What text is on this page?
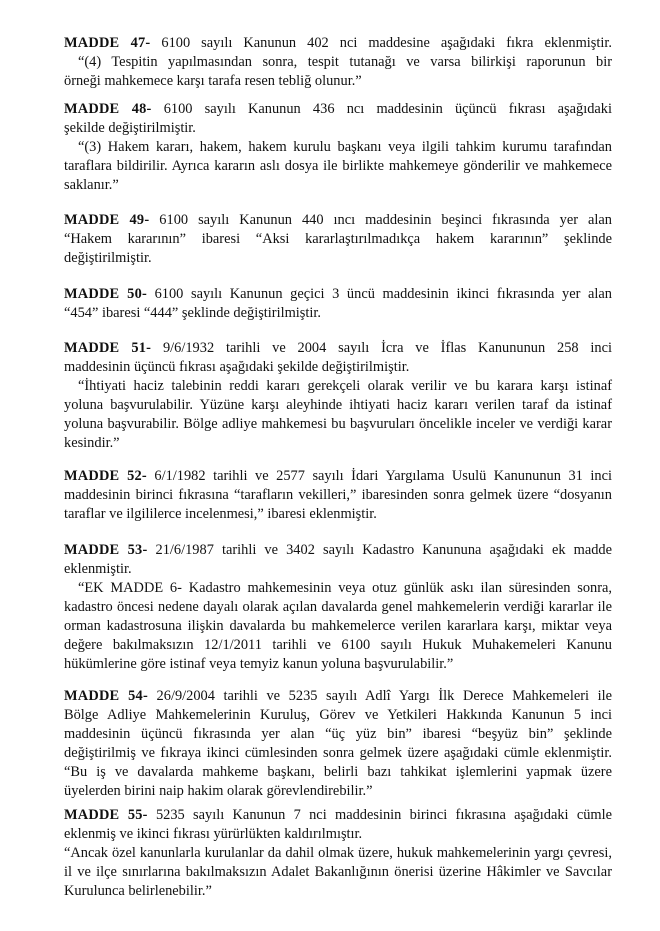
MADDE 47- 6100 sayılı Kanunun 402 nci maddesine aşağıdaki fıkra eklenmiştir.

“(4) Tespitin yapılmasından sonra, tespit tutanağı ve varsa bilirkişi raporunun bir

örneği mahkemece karşı tarafa resen tebliğ olunur.”

MADDE 48- 6100 sayılı Kanunun 436 ncı maddesinin üçüncü fıkrası aşağıdaki

şekilde değiştirilmiştir.

“(3) Hakem kararı, hakem, hakem kurulu başkanı veya ilgili tahkim kurumu tarafından

taraflara bildirilir. Ayrıca kararın aslı dosya ile birlikte mahkemeye gönderilir ve mahkemece

saklanır.”

MADDE 49- 6100 sayılı Kanunun 440 ıncı maddesinin beşinci fıkrasında yer alan

“Hakem kararının” ibaresi “Aksi kararlaştırılmadıkça hakem kararının” şeklinde

değiştirilmiştir.

MADDE 50- 6100 sayılı Kanunun geçici 3 üncü maddesinin ikinci fıkrasında yer alan

“454” ibaresi “444” şeklinde değiştirilmiştir.

MADDE 51- 9/6/1932 tarihli ve 2004 sayılı İcra ve İflas Kanununun 258 inci

maddesinin üçüncü fıkrası aşağıdaki şekilde değiştirilmiştir.

“İhtiyati haciz talebinin reddi kararı gerekçeli olarak verilir ve bu karara karşı istinaf

yoluna başvurulabilir. Yüzüne karşı aleyhinde ihtiyati haciz kararı verilen taraf da istinaf

yoluna başvurabilir. Bölge adliye mahkemesi bu başvuruları öncelikle inceler ve verdiği karar

kesindir.”

MADDE 52- 6/1/1982 tarihli ve 2577 sayılı İdari Yargılama Usulü Kanununun 31 inci

maddesinin birinci fıkrasına “tarafların vekilleri,” ibaresinden sonra gelmek üzere “dosyanın

taraflar ve ilgililerce incelenmesi,” ibaresi eklenmiştir.

MADDE 53- 21/6/1987 tarihli ve 3402 sayılı Kadastro Kanununa aşağıdaki ek madde

eklenmiştir.

“EK MADDE 6- Kadastro mahkemesinin veya otuz günlük askı ilan süresinden sonra,

kadastro öncesi nedene dayalı olarak açılan davalarda genel mahkemelerin verdiği kararlar ile

orman kadastrosuna ilişkin davalarda bu mahkemelerce verilen kararlara karşı, miktar veya

değere bakılmaksızın 12/1/2011 tarihli ve 6100 sayılı Hukuk Muhakemeleri Kanunu

hükümlerine göre istinaf veya temyiz kanun yoluna başvurulabilir.”

MADDE 54- 26/9/2004 tarihli ve 5235 sayılı Adlî Yargı İlk Derece Mahkemeleri ile

Bölge Adliye Mahkemelerinin Kuruluş, Görev ve Yetkileri Hakkında Kanunun 5 inci

maddesinin üçüncü fıkrasında yer alan “üç yüz bin” ibaresi “beşyüz bin” şeklinde

değiştirilmiş ve fıkraya ikinci cümlesinden sonra gelmek üzere aşağıdaki cümle eklenmiştir.

“Bu iş ve davalarda mahkeme başkanı, belirli bazı tahkikat işlemlerini yapmak üzere

üyelerden birini naip hakim olarak görevlendirebilir.”

MADDE 55- 5235 sayılı Kanunun 7 nci maddesinin birinci fıkrasına aşağıdaki cümle

eklenmiş ve ikinci fıkrası yürürlükten kaldırılmıştır.

“Ancak özel kanunlarla kurulanlar da dahil olmak üzere, hukuk mahkemelerinin yargı çevresi,

il ve ilçe sınırlarına bakılmaksızın Adalet Bakanlığının önerisi üzerine Hâkimler ve Savcılar

Kurulunca belirlenebilir.”
